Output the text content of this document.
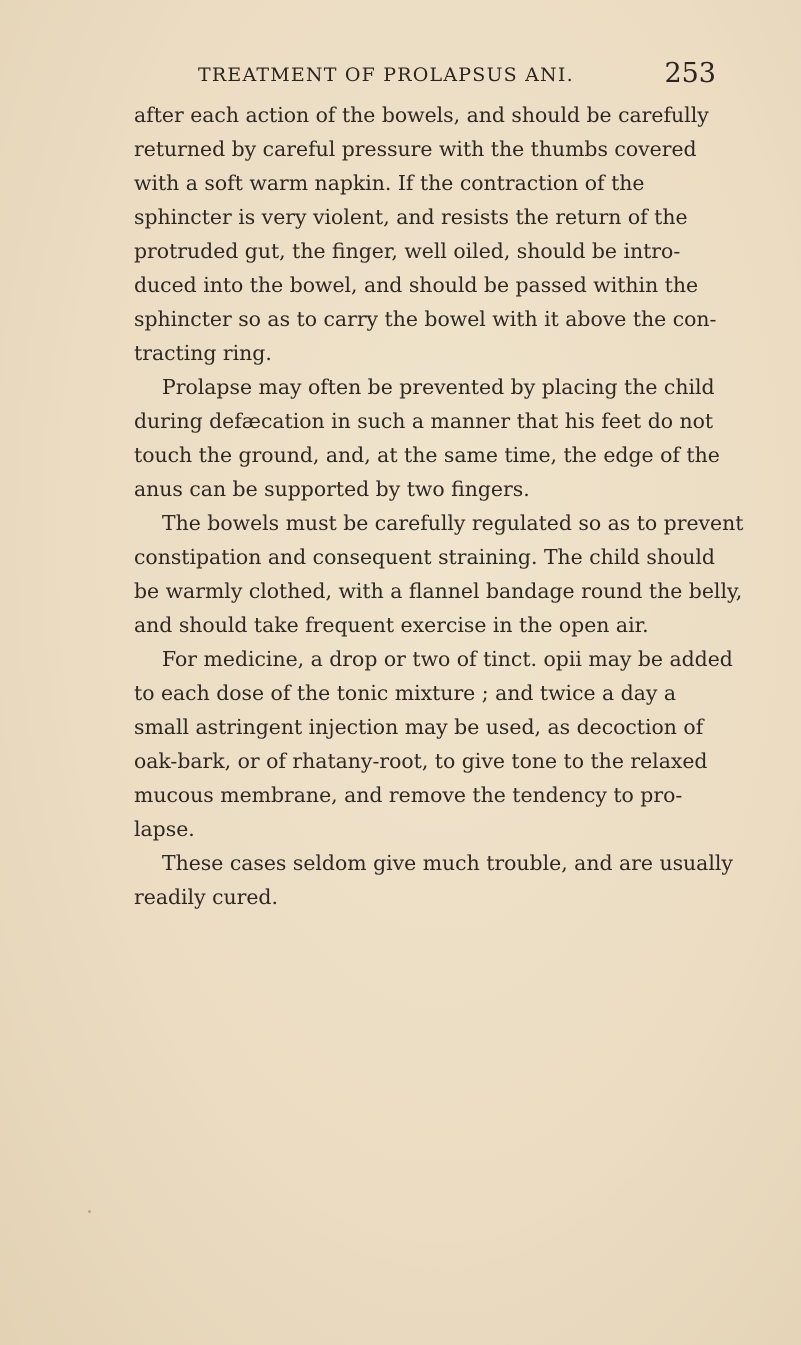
TREATMENT OF PROLAPSUS ANI.	253
after each action of the bowels, and should be carefully
returned by careful pressure with the thumbs covered
with a soft warm napkin. If the contraction of the
sphincter is very violent, and resists the return of the
protruded gut, the finger, well oiled, should be intro-
duced into the bowel, and should be passed within the
sphincter so as to carry the bowel with it above the con-
tracting ring.
Prolapse may often be prevented by placing the child
during defæcation in such a manner that his feet do not
touch the ground, and, at the same time, the edge of the
anus can be supported by two fingers.
The bowels must be carefully regulated so as to prevent
constipation and consequent straining. The child should
be warmly clothed, with a flannel bandage round the belly,
and should take frequent exercise in the open air.
For medicine, a drop or two of tinct. opii may be added
to each dose of the tonic mixture ; and twice a day a
small astringent injection may be used, as decoction of
oak-bark, or of rhatany-root, to give tone to the relaxed
mucous membrane, and remove the tendency to pro-
lapse.
These cases seldom give much trouble, and are usually
readily cured.
